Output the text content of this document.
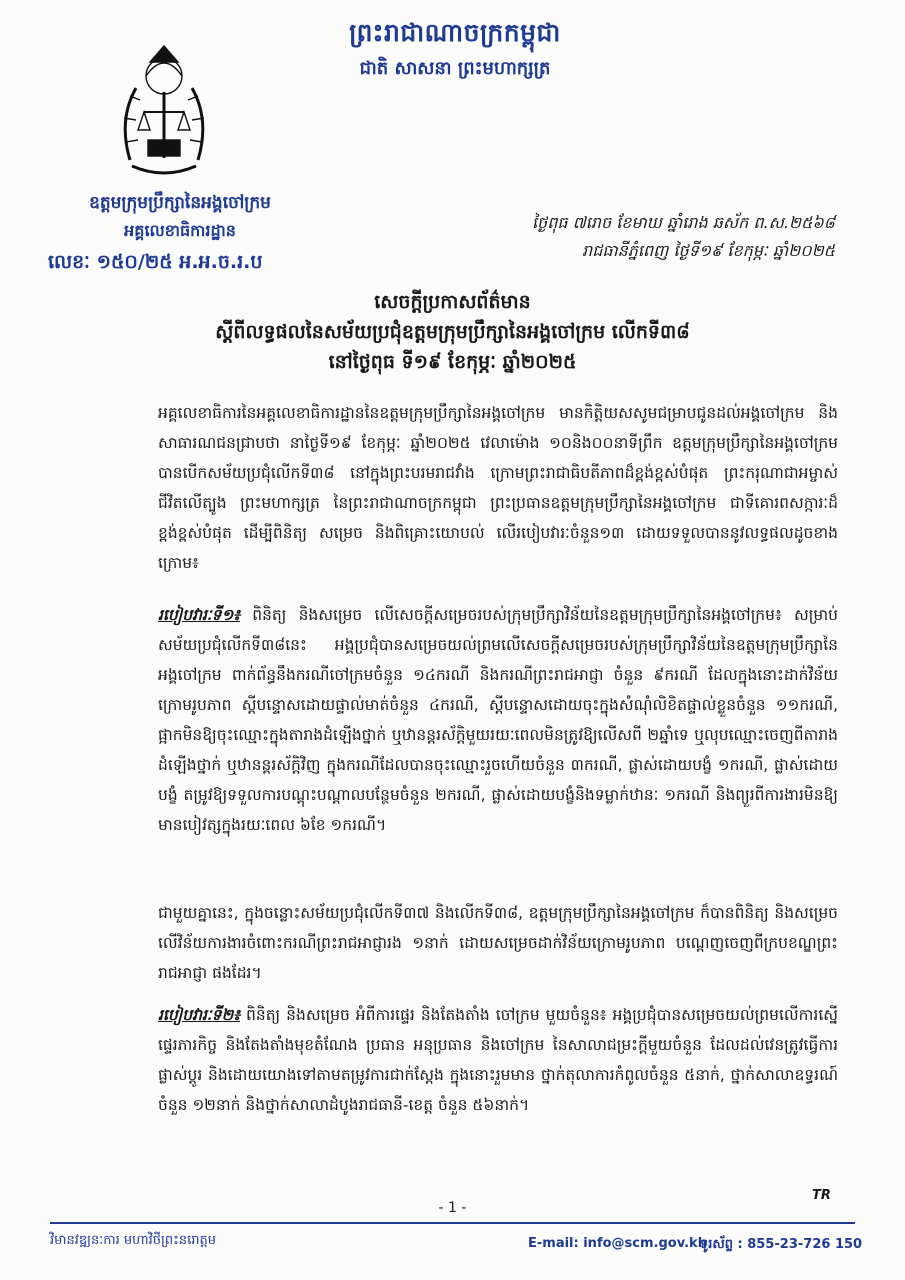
ព្រះរាជាណាចក្រកម្ពុជា
ជាតិ សាសនា ព្រះមហាក្សត្រ
ឧត្តមក្រុមប្រឹក្សានៃអង្គចៅក្រម
អគ្គលេខាធិការដ្ឋាន
លេខៈ ១៥០/២៥ អ.អ.ច.រ.ប
ថ្ងៃពុធ ៧រោច ខែមាឃ ឆ្នាំរោង ឆស័ក ព.ស.២៥៦៨
រាជធានីភ្នំពេញ ថ្ងៃទី១៩ ខែកុម្ភៈ ឆ្នាំ២០២៥
សេចក្តីប្រកាសព័ត៌មាន
ស្តីពីលទ្ធផលនៃសម័យប្រជុំឧត្តមក្រុមប្រឹក្សានៃអង្គចៅក្រម លើកទី៣៨
នៅថ្ងៃពុធ ទី១៩ ខែកុម្ភៈ ឆ្នាំ២០២៥

អគ្គលេខាធិការនៃអគ្គលេខាធិការដ្ឋាននៃឧត្តមក្រុមប្រឹក្សានៃអង្គចៅក្រម មានកិត្តិយសសូមជម្រាបជូនដល់អង្គចៅក្រម និងសាធារណជនជ្រាបថា នាថ្ងៃទី១៩ ខែកុម្ភៈ ឆ្នាំ២០២៥ វេលាម៉ោង ១០និង០០នាទីព្រឹក ឧត្តមក្រុមប្រឹក្សានៃអង្គចៅក្រម បានបើកសម័យប្រជុំលើកទី៣៨ នៅក្នុងព្រះបរមរាជវាំង ក្រោមព្រះរាជាធិបតីភាពដ៏ខ្ពង់ខ្ពស់បំផុត ព្រះករុណាជាអម្ចាស់ជីវិតលើត្បូង ព្រះមហាក្សត្រ នៃព្រះរាជាណាចក្រកម្ពុជា ព្រះប្រធានឧត្តមក្រុមប្រឹក្សានៃអង្គចៅក្រម ជាទីគោរពសក្ការៈដ៏ខ្ពង់ខ្ពស់បំផុត ដើម្បីពិនិត្យ សម្រេច និងពិគ្រោះយោបល់ លើរបៀបវារៈចំនួន១៣ ដោយទទួលបាននូវលទ្ធផលដូចខាងក្រោម៖

របៀបវារៈទី១៖ ពិនិត្យ និងសម្រេច លើសេចក្តីសម្រេចរបស់ក្រុមប្រឹក្សាវិន័យនៃឧត្តមក្រុមប្រឹក្សានៃអង្គចៅក្រម៖ សម្រាប់សម័យប្រជុំលើកទី៣៨នេះ អង្គប្រជុំបានសម្រេចយល់ព្រមលើសេចក្តីសម្រេចរបស់ក្រុមប្រឹក្សាវិន័យនៃឧត្តមក្រុមប្រឹក្សានៃអង្គចៅក្រម ពាក់ព័ន្ធនឹងករណីចៅក្រមចំនួន ១៤ករណី និងករណីព្រះរាជអាជ្ញា ចំនួន ៩ករណី ដែលក្នុងនោះដាក់វិន័យក្រោមរូបភាព ស្តីបន្ទោសដោយផ្ទាល់មាត់ចំនួន ៤ករណី, ស្តីបន្ទោសដោយចុះក្នុងសំណុំលិខិតផ្ទាល់ខ្លួនចំនួន ១១ករណី, ផ្អាកមិនឱ្យចុះឈ្មោះក្នុងតារាងដំឡើងថ្នាក់ ឬឋានន្តរស័ក្តិមួយរយៈពេលមិនត្រូវឱ្យលើសពី ២ឆ្នាំទេ ឬលុបឈ្មោះចេញពីតារាងដំឡើងថ្នាក់ ឬឋានន្តរស័ក្តិវិញ ក្នុងករណីដែលបានចុះឈ្មោះរួចហើយចំនួន ៣ករណី, ផ្លាស់ដោយបង្ខំ ១ករណី, ផ្លាស់ដោយបង្ខំ តម្រូវឱ្យទទួលការបណ្តុះបណ្តាលបន្ថែមចំនួន ២ករណី, ផ្លាស់ដោយបង្ខំនិងទម្លាក់ឋានៈ ១ករណី និងព្យួរពីការងារមិនឱ្យមានបៀវត្សក្នុងរយៈពេល ៦ខែ ១ករណី។

ជាមួយគ្នានេះ, ក្នុងចន្លោះសម័យប្រជុំលើកទី៣៧ និងលើកទី៣៨, ឧត្តមក្រុមប្រឹក្សានៃអង្គចៅក្រម ក៏បានពិនិត្យ និងសម្រេច លើវិន័យការងារចំពោះករណីព្រះរាជអាជ្ញារង ១នាក់ ដោយសម្រេចដាក់វិន័យក្រោមរូបភាព បណ្តេញចេញពីក្របខណ្ឌព្រះរាជអាជ្ញា ផងដែរ។

របៀបវារៈទី២៖ ពិនិត្យ និងសម្រេច អំពីការផ្ទេរ និងតែងតាំង ចៅក្រម មួយចំនួន៖ អង្គប្រជុំបានសម្រេចយល់ព្រមលើការស្នើផ្ទេរភារកិច្ច និងតែងតាំងមុខតំណែង ប្រធាន អនុប្រធាន និងចៅក្រម នៃសាលាជម្រះក្តីមួយចំនួន ដែលដល់វេនត្រូវធ្វើការផ្លាស់ប្តូរ និងដោយយោងទៅតាមតម្រូវការជាក់ស្តែង ក្នុងនោះរួមមាន ថ្នាក់តុលាការកំពូលចំនួន ៥នាក់, ថ្នាក់សាលាឧទ្ធរណ៍ចំនួន ១២នាក់ និងថ្នាក់សាលាដំបូងរាជធានី-ខេត្ត ចំនួន ៥៦នាក់។

- 1 -
TR
វិមានវឌ្ឍនៈការ មហាវិថីព្រះនរោត្តម	E-mail: info@scm.gov.kh
ទូរស័ព្ទ : 855-23-726 150
